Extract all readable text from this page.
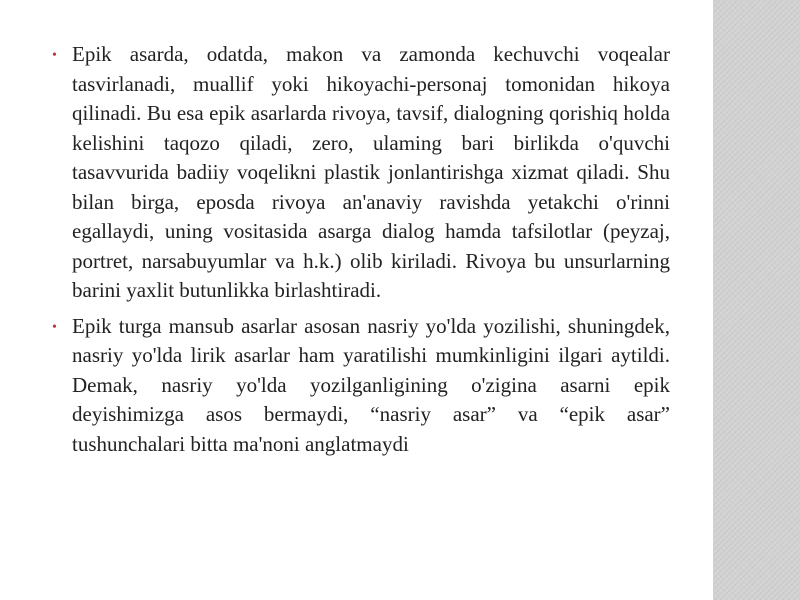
• Epik asarda, odatda, makon va zamonda kechuvchi voqealar tasvirlanadi, muallif yoki hikoyachi-personaj tomonidan hikoya qilinadi. Bu esa epik asarlarda rivoya, tavsif, dialogning qorishiq holda kelishini taqozo qiladi, zero, ulaming bari birlikda o'quvchi tasavvurida badiiy voqelikni plastik jonlantirishga xizmat qiladi. Shu bilan birga, eposda rivoya an'anaviy ravishda yetakchi o'rinni egallaydi, uning vositasida asarga dialog hamda tafsilotlar (peyzaj, portret, narsabuyumlar va h.k.) olib kiriladi. Rivoya bu unsurlarning barini yaxlit butunlikka birlashtiradi.

• Epik turga mansub asarlar asosan nasriy yo'lda yozilishi, shuningdek, nasriy yo'lda lirik asarlar ham yaratilishi mumkinligini ilgari aytildi. Demak, nasriy yo'lda yozilganligining o'zigina asarni epik deyishimizga asos bermaydi, “nasriy asar” va “epik asar” tushunchalari bitta ma'noni anglatmaydi
